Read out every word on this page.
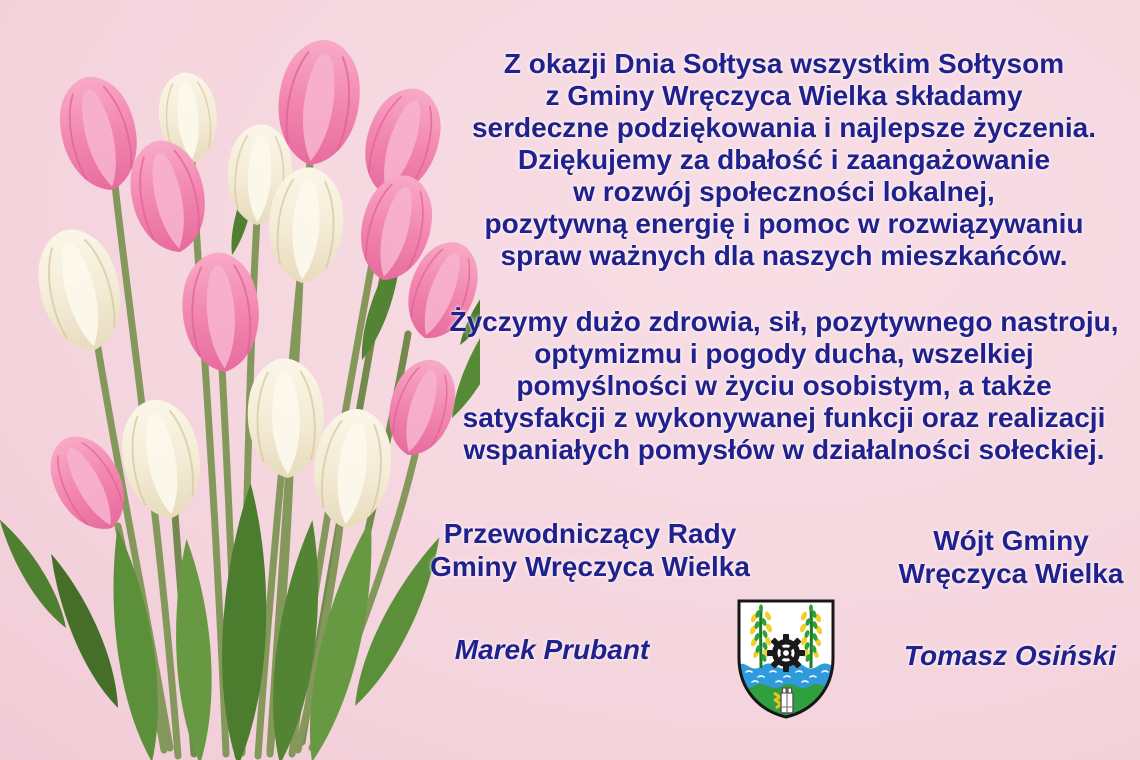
Z okazji Dnia Sołtysa wszystkim Sołtysom
z Gminy Wręczyca Wielka składamy
serdeczne podziękowania i najlepsze życzenia.
Dziękujemy za dbałość i zaangażowanie
w rozwój społeczności lokalnej,
pozytywną energię i pomoc w rozwiązywaniu
spraw ważnych dla naszych mieszkańców.
Życzymy dużo zdrowia, sił, pozytywnego nastroju,
optymizmu i pogody ducha, wszelkiej
pomyślności w życiu osobistym, a także
satysfakcji z wykonywanej funkcji oraz realizacji
wspaniałych pomysłów w działalności sołeckiej.
Przewodniczący Rady
Gminy Wręczyca Wielka
Wójt Gminy
Wręczyca Wielka
Marek Prubant	Tomasz Osiński
